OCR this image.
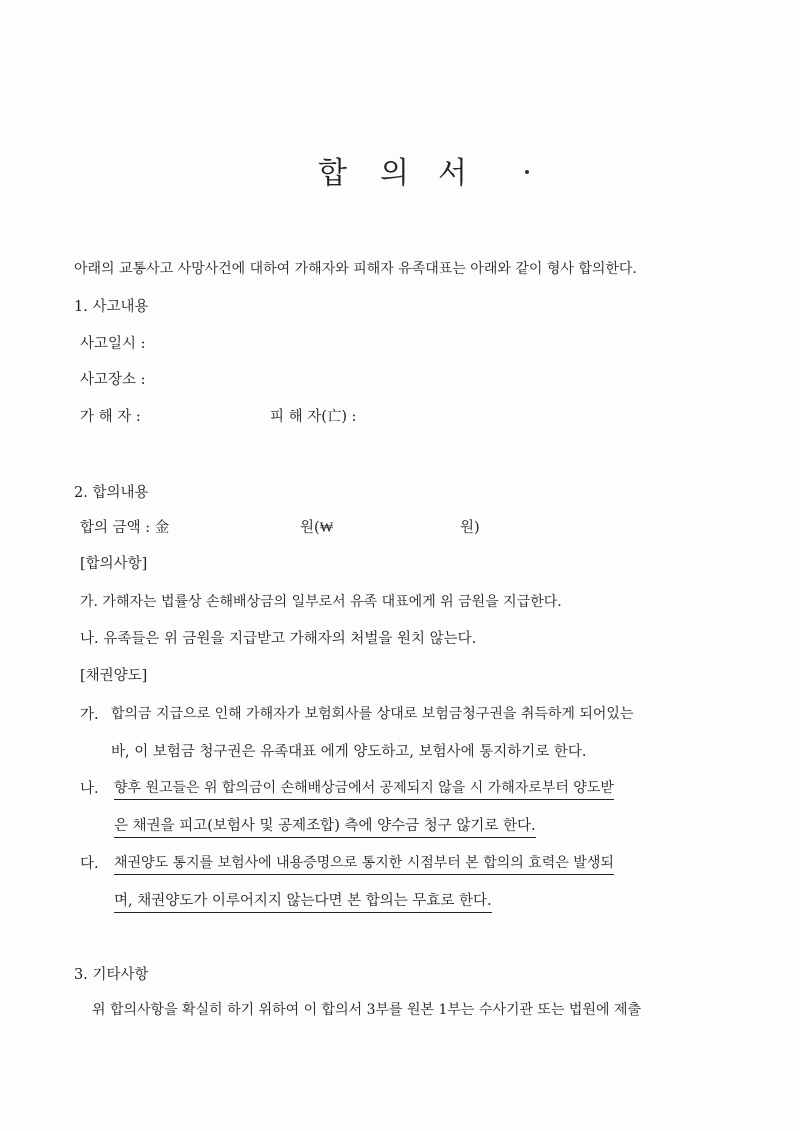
합 의 서
아래의 교통사고 사망사건에 대하여 가해자와 피해자 유족대표는 아래와 같이 형사 합의한다.
1. 사고내용
사고일시 :
사고장소 :
가 해 자 :	피 해 자(亡) :
2. 합의내용
합의 금액 : 金	원(₩	원)
[합의사항]
가. 가해자는 법률상 손해배상금의 일부로서 유족 대표에게 위 금원을 지급한다.
나. 유족들은 위 금원을 지급받고 가해자의 처벌을 원치 않는다.
[채권양도]
가. 합의금 지급으로 인해 가해자가 보험회사를 상대로 보험금청구권을 취득하게 되어있는
바, 이 보험금 청구권은 유족대표 에게 양도하고, 보험사에 통지하기로 한다.
나. 향후 원고들은 위 합의금이 손해배상금에서 공제되지 않을 시 가해자로부터 양도받
은 채권을 피고(보험사 및 공제조합) 측에 양수금 청구 않기로 한다.
다. 채권양도 통지를 보험사에 내용증명으로 통지한 시점부터 본 합의의 효력은 발생되
며, 채권양도가 이루어지지 않는다면 본 합의는 무효로 한다.
3. 기타사항
위 합의사항을 확실히 하기 위하여 이 합의서 3부를 원본 1부는 수사기관 또는 법원에 제출
